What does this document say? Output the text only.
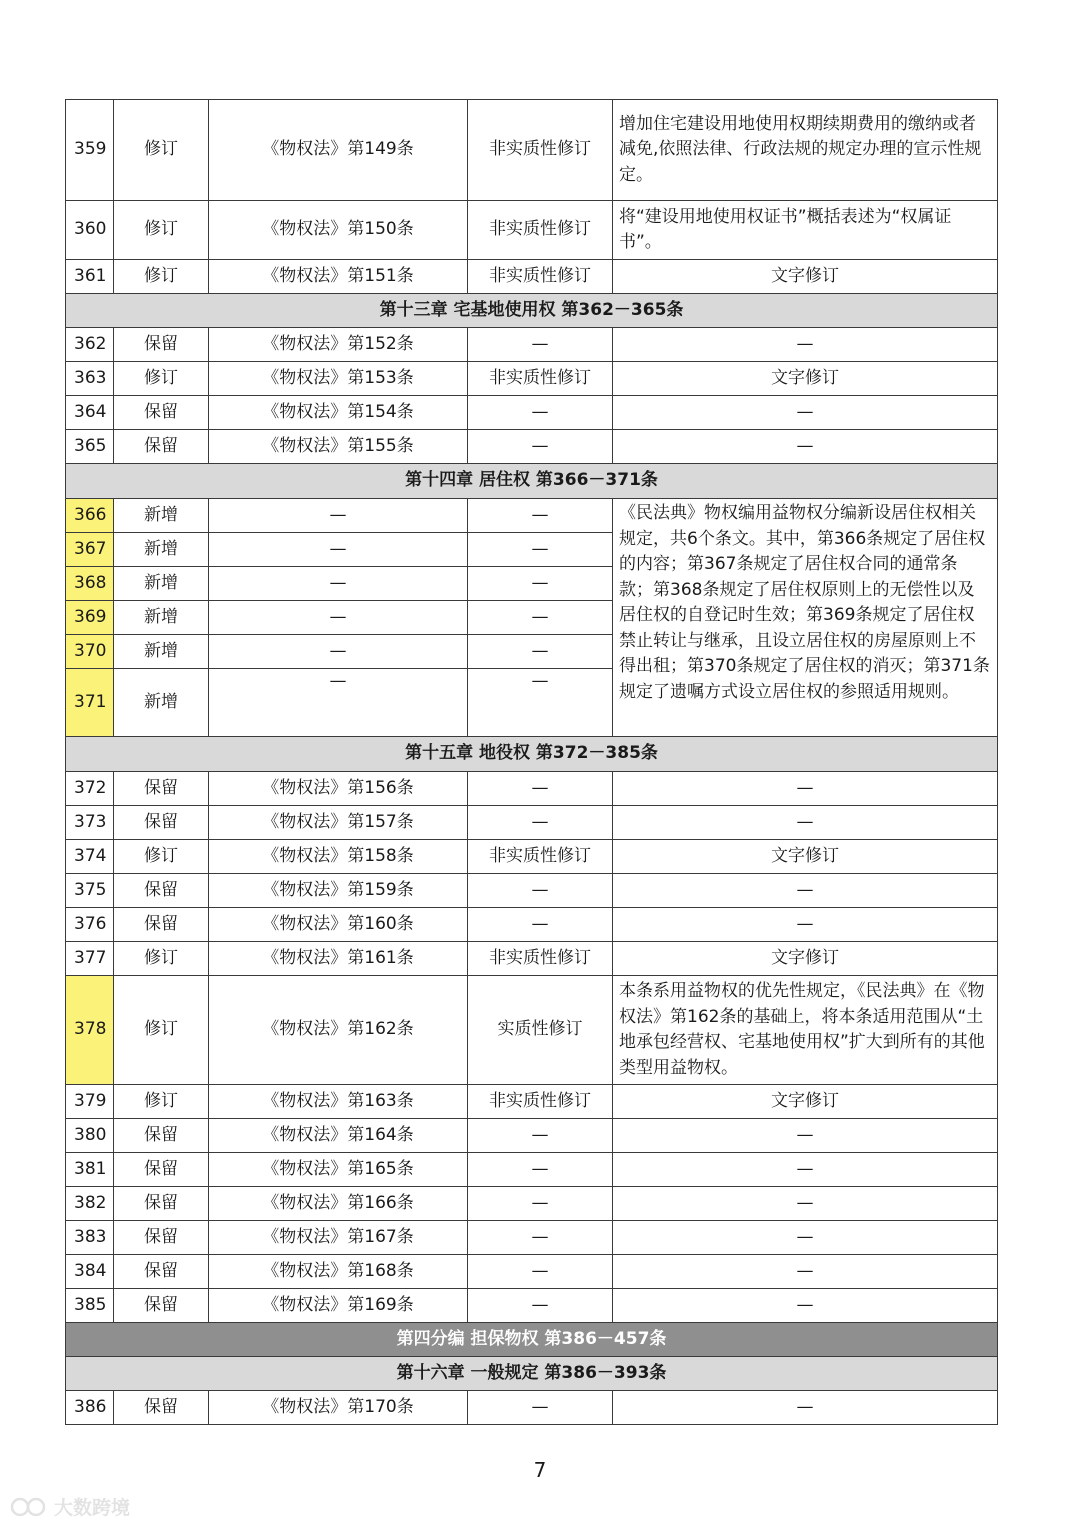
359	修订	《物权法》第149条	非实质性修订	增加住宅建设用地使用权期续期费用的缴纳或者减免,依照法律、行政法规的规定办理的宣示性规定。
360	修订	《物权法》第150条	非实质性修订	将“建设用地使用权证书”概括表述为“权属证书”。
361	修订	《物权法》第151条	非实质性修订	文字修订
第十三章 宅基地使用权 第362－365条				
362	保留	《物权法》第152条	—	—
363	修订	《物权法》第153条	非实质性修订	文字修订
364	保留	《物权法》第154条	—	—
365	保留	《物权法》第155条	—	—
第十四章 居住权 第366－371条				
366	新增	—	—	《民法典》物权编用益物权分编新设居住权相关规定，共6个条文。其中，第366条规定了居住权的内容；第367条规定了居住权合同的通常条款；第368条规定了居住权原则上的无偿性以及居住权的自登记时生效；第369条规定了居住权禁止转让与继承，且设立居住权的房屋原则上不得出租；第370条规定了居住权的消灭；第371条规定了遗嘱方式设立居住权的参照适用规则。
367	新增	—	—	
368	新增	—	—	
369	新增	—	—	
370	新增	—	—	
371	新增	—	—	
第十五章 地役权 第372－385条				
372	保留	《物权法》第156条	—	—
373	保留	《物权法》第157条	—	—
374	修订	《物权法》第158条	非实质性修订	文字修订
375	保留	《物权法》第159条	—	—
376	保留	《物权法》第160条	—	—
377	修订	《物权法》第161条	非实质性修订	文字修订
378	修订	《物权法》第162条	实质性修订	本条系用益物权的优先性规定，《民法典》在《物权法》第162条的基础上，将本条适用范围从“土地承包经营权、宅基地使用权”扩大到所有的其他类型用益物权。
379	修订	《物权法》第163条	非实质性修订	文字修订
380	保留	《物权法》第164条	—	—
381	保留	《物权法》第165条	—	—
382	保留	《物权法》第166条	—	—
383	保留	《物权法》第167条	—	—
384	保留	《物权法》第168条	—	—
385	保留	《物权法》第169条	—	—
第四分编 担保物权 第386－457条				
第十六章 一般规定 第386－393条				
386	保留	《物权法》第170条	—	—
7
大数跨境
